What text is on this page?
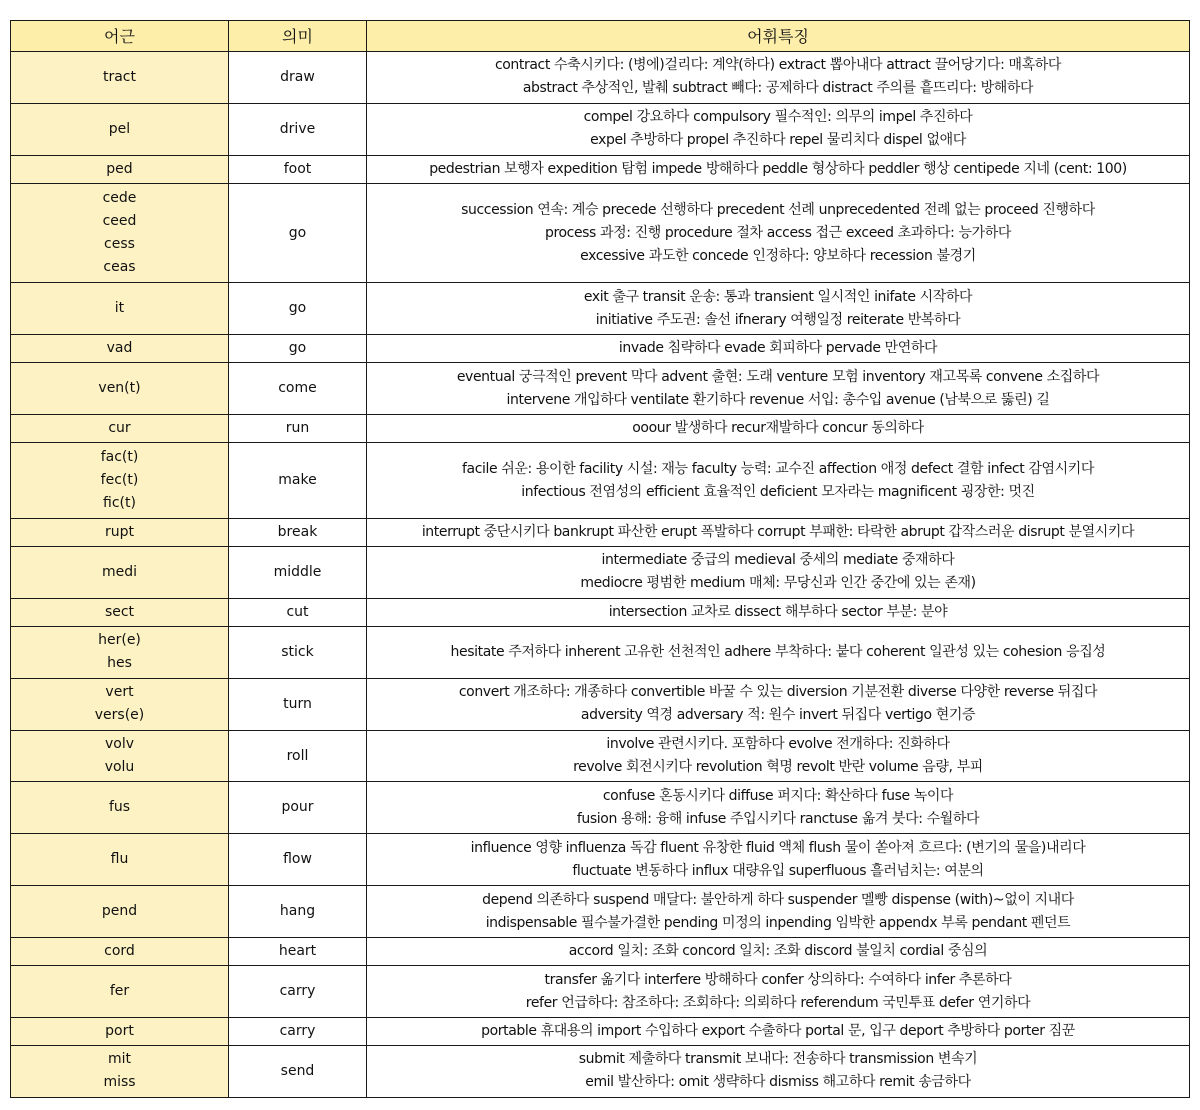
어근	의미	어휘특징

tract	draw	contract 수축시키다: (병에)걸리다: 계약(하다) extract 뽑아내다 attract 끌어당기다: 매혹하다
abstract 추상적인, 발췌 subtract 빼다: 공제하다 distract 주의를 흩뜨리다: 방해하다

pel	drive	compel 강요하다 compulsory 필수적인: 의무의 impel 추진하다
expel 추방하다 propel 추진하다 repel 물리치다 dispel 없애다

ped	foot	pedestrian 보행자 expedition 탐험 impede 방해하다 peddle 형상하다 peddler 행상 centipede 지네 (cent: 100)

cede
ceed
cess
ceas	go	succession 연속: 계승 precede 선행하다 precedent 선례 unprecedented 전례 없는 proceed 진행하다
process 과정: 진행 procedure 절차 access 접근 exceed 초과하다: 능가하다
excessive 과도한 concede 인정하다: 양보하다 recession 불경기

it	go	exit 출구 transit 운송: 통과 transient 일시적인 inifate 시작하다
initiative 주도권: 솔선 ifnerary 여행일정 reiterate 반복하다

vad	go	invade 침략하다 evade 회피하다 pervade 만연하다

ven(t)	come	eventual 궁극적인 prevent 막다 advent 출현: 도래 venture 모험 inventory 재고목록 convene 소집하다
intervene 개입하다 ventilate 환기하다 revenue 서입: 총수입 avenue (남북으로 뚫린) 길

cur	run	ooour 발생하다 recur재발하다 concur 동의하다

fac(t)
fec(t)
fic(t)	make	facile 쉬운: 용이한 facility 시설: 재능 faculty 능력: 교수진 affection 애정 defect 결함 infect 감염시키다
infectious 전염성의 efficient 효율적인 deficient 모자라는 magnificent 굉장한: 멋진

rupt	break	interrupt 중단시키다 bankrupt 파산한 erupt 폭발하다 corrupt 부패한: 타락한 abrupt 갑작스러운 disrupt 분열시키다

medi	middle	intermediate 중급의 medieval 중세의 mediate 중재하다
mediocre 평범한 medium 매체: 무당신과 인간 중간에 있는 존재)

sect	cut	intersection 교차로 dissect 해부하다 sector 부분: 분야

her(e)
hes	stick	hesitate 주저하다 inherent 고유한 선천적인 adhere 부착하다: 붙다 coherent 일관성 있는 cohesion 응집성

vert
vers(e)	turn	convert 개조하다: 개종하다 convertible 바꿀 수 있는 diversion 기분전환 diverse 다양한 reverse 뒤집다
adversity 역경 adversary 적: 원수 invert 뒤집다 vertigo 현기증

volv
volu	roll	involve 관련시키다. 포함하다 evolve 전개하다: 진화하다
revolve 회전시키다 revolution 혁명 revolt 반란 volume 음량, 부피

fus	pour	confuse 혼동시키다 diffuse 퍼지다: 확산하다 fuse 녹이다
fusion 용해: 융해 infuse 주입시키다 ranctuse 옮겨 붓다: 수월하다

flu	flow	influence 영향 influenza 독감 fluent 유창한 fluid 액체 flush 물이 쏟아져 흐르다: (변기의 물을)내리다
fluctuate 변동하다 influx 대량유입 superfluous 흘러넘치는: 여분의

pend	hang	depend 의존하다 suspend 매달다: 불안하게 하다 suspender 멜빵 dispense (with)~없이 지내다
indispensable 필수불가결한 pending 미정의 inpending 임박한 appendx 부록 pendant 펜던트

cord	heart	accord 일치: 조화 concord 일치: 조화 discord 불일치 cordial 중심의

fer	carry	transfer 옮기다 interfere 방해하다 confer 상의하다: 수여하다 infer 추론하다
refer 언급하다: 참조하다: 조회하다: 의뢰하다 referendum 국민투표 defer 연기하다

port	carry	portable 휴대용의 import 수입하다 export 수출하다 portal 문, 입구 deport 추방하다 porter 짐꾼

mit
miss	send	submit 제출하다 transmit 보내다: 전송하다 transmission 변속기
emil 발산하다: omit 생략하다 dismiss 해고하다 remit 송금하다
